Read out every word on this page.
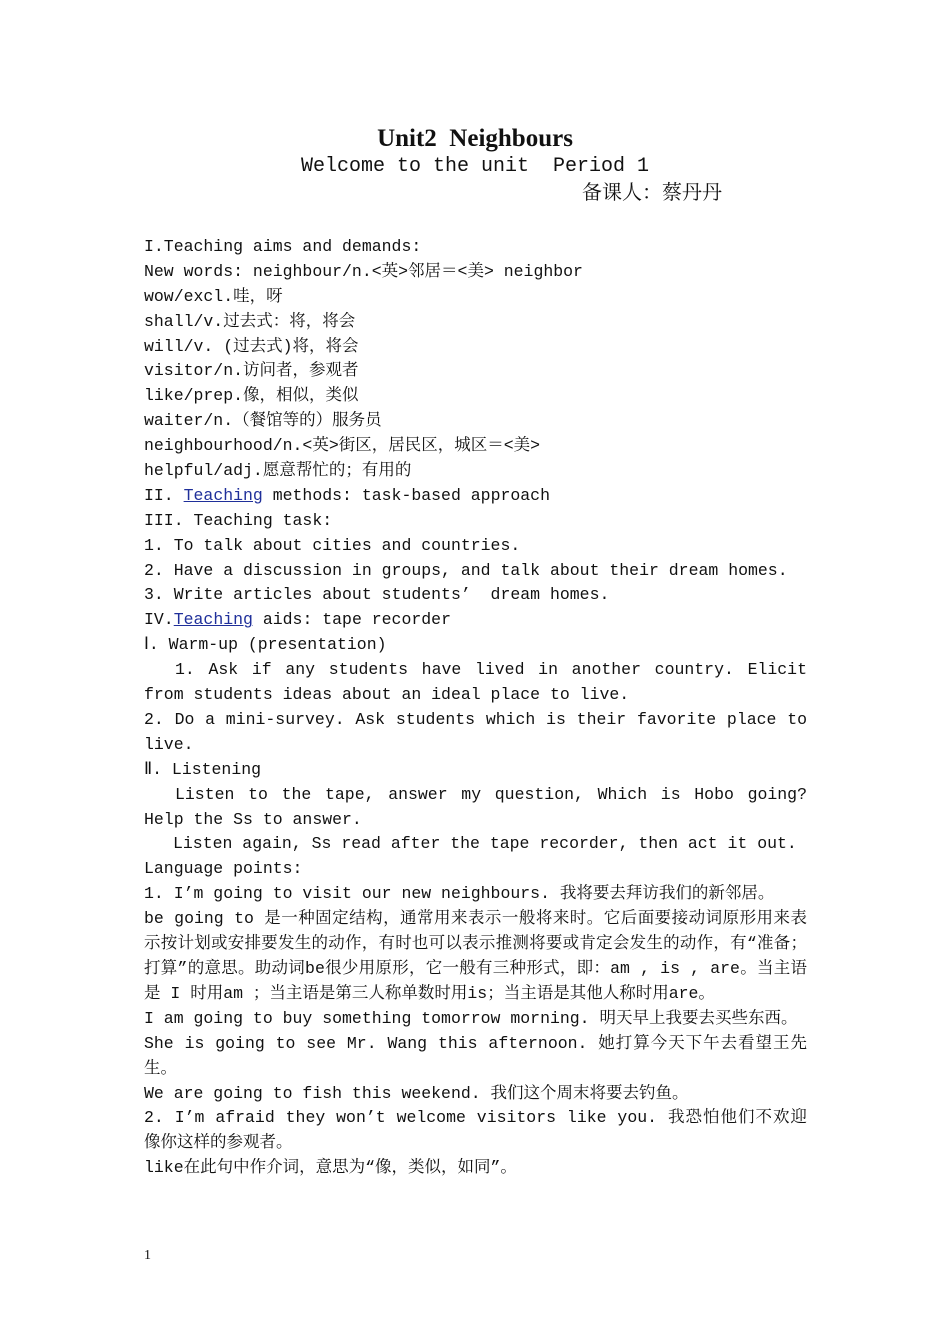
Unit2  Neighbours
Welcome to the unit  Period 1
备课人：蔡丹丹
I.Teaching aims and demands:
New words: neighbour/n.<英>邻居＝<美> neighbor
wow/excl.哇，呀
shall/v.过去式：将，将会
will/v. (过去式)将，将会
visitor/n.访问者，参观者
like/prep.像，相似，类似
waiter/n.（餐馆等的）服务员
neighbourhood/n.<英>街区，居民区，城区＝<美>
helpful/adj.愿意帮忙的；有用的
II. Teaching methods: task-based approach
III. Teaching task:
1. To talk about cities and countries.
2. Have a discussion in groups, and talk about their dream homes.
3. Write articles about students’  dream homes.
IV.Teaching aids: tape recorder
Ⅰ. Warm-up (presentation)
1. Ask if any students have lived in another country. Elicit from students ideas about an ideal place to live.
2. Do a mini-survey. Ask students which is their favorite place to live.
Ⅱ. Listening
Listen to the tape, answer my question, Which is Hobo going? Help the Ss to answer.
Listen again, Ss read after the tape recorder, then act it out.
Language points:
1. I’m going to visit our new neighbours. 我将要去拜访我们的新邻居。
be going to 是一种固定结构，通常用来表示一般将来时。它后面要接动词原形用来表示按计划或安排要发生的动作，有时也可以表示推测将要或肯定会发生的动作，有“准备；打算”的意思。助动词be很少用原形，它一般有三种形式，即：am , is , are。当主语是 I 时用am ；当主语是第三人称单数时用is；当主语是其他人称时用are。
I am going to buy something tomorrow morning. 明天早上我要去买些东西。
She is going to see Mr. Wang this afternoon. 她打算今天下午去看望王先生。
We are going to fish this weekend. 我们这个周末将要去钓鱼。
2. I’m afraid they won’t welcome visitors like you. 我恐怕他们不欢迎像你这样的参观者。
like在此句中作介词，意思为“像，类似，如同”。
1
